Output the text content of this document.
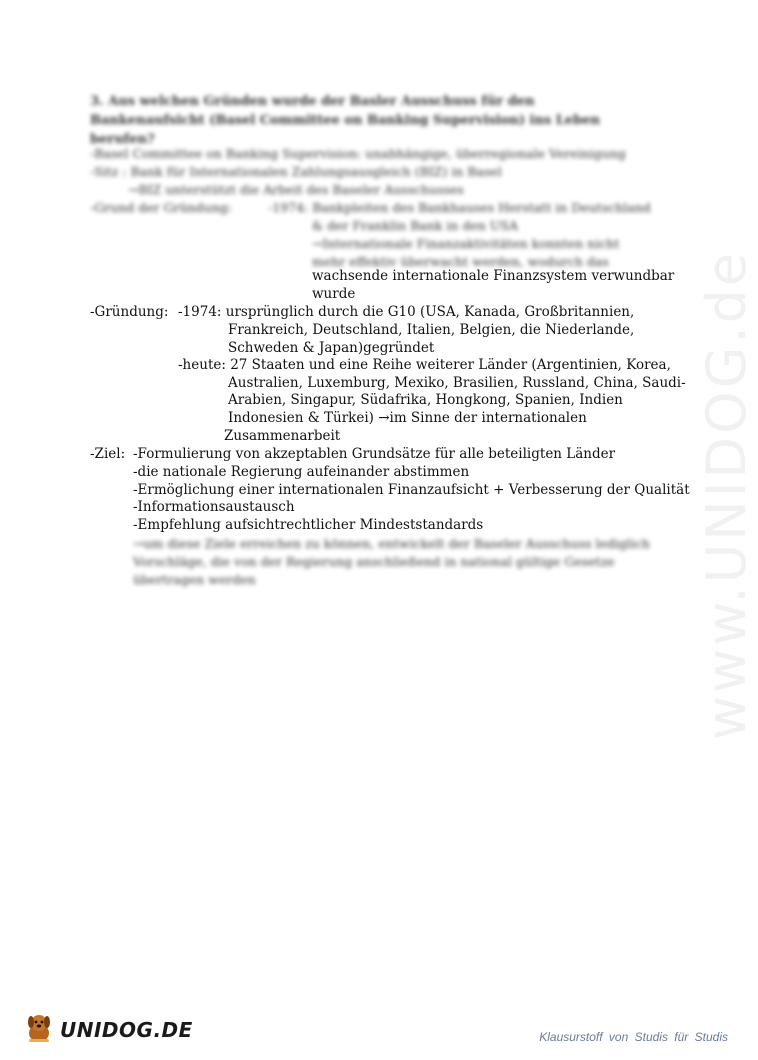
www.UNIDOG.de
3. Aus welchen Gründen wurde der Basler Ausschuss für den Bankenaufsicht (Basel Committee on Banking Supervision) ins Leben berufen?
-Basel Committee on Banking Supervision: unabhängige, überregionale Vereinigung
-Sitz : Bank für Internationalen Zahlungsausgleich (BIZ) in Basel
→BIZ unterstützt die Arbeit des Baseler Ausschusses
-Grund der Gründung:	-1974: Bankpleiten des Bankhauses Herstatt in Deutschland
& der Franklin Bank in den USA
→Internationale Finanzaktivitäten konnten nicht
mehr effektiv überwacht werden, wodurch das
wachsende internationale Finanzsystem verwundbar
wurde
-Gründung: -1974: ursprünglich durch die G10 (USA, Kanada, Großbritannien,
Frankreich, Deutschland, Italien, Belgien, die Niederlande,
Schweden & Japan)gegründet
-heute: 27 Staaten und eine Reihe weiterer Länder (Argentinien, Korea,
Australien, Luxemburg, Mexiko, Brasilien, Russland, China, Saudi-
Arabien, Singapur, Südafrika, Hongkong, Spanien, Indien
Indonesien & Türkei) →im Sinne der internationalen
Zusammenarbeit
-Ziel: -Formulierung von akzeptablen Grundsätze für alle beteiligten Länder
-die nationale Regierung aufeinander abstimmen
-Ermöglichung einer internationalen Finanzaufsicht + Verbesserung der Qualität
-Informationsaustausch
-Empfehlung aufsichtrechtlicher Mindeststandards
→um diese Ziele erreichen zu können, entwickelt der Baseler Ausschuss lediglich
Vorschläge, die von der Regierung anschließend in national gültige Gesetze
übertragen werden
UNIDOG.DE	Klausurstoff von Studis für Studis
